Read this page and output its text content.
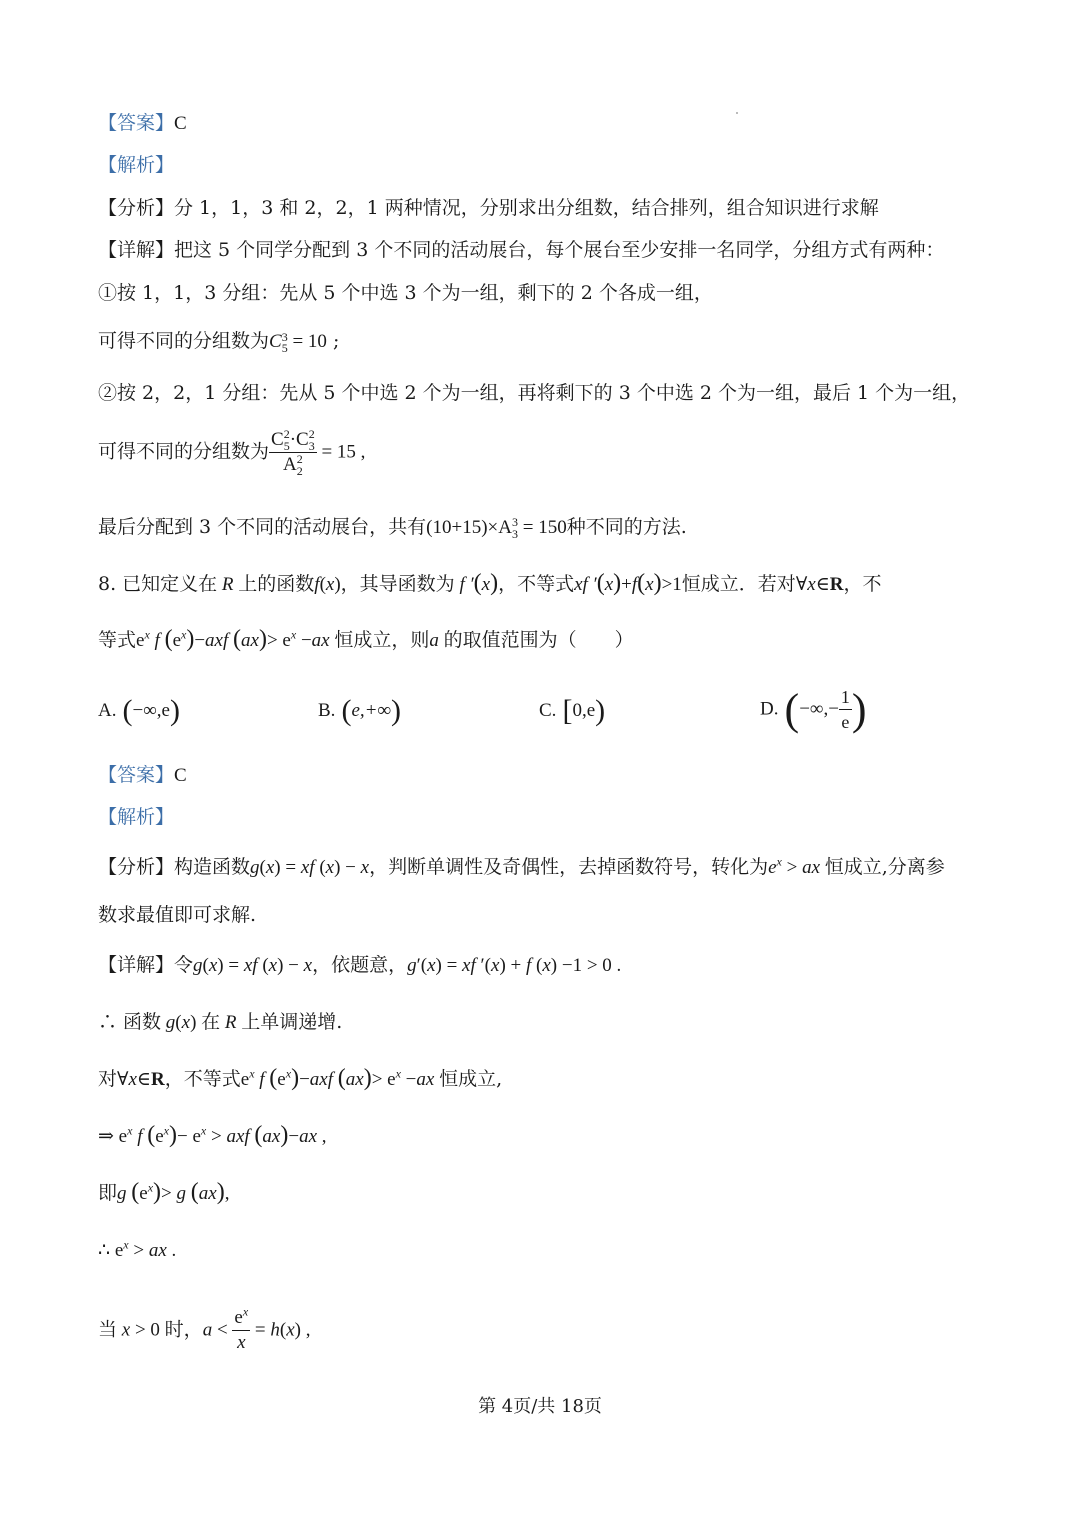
【答案】C
【解析】
【分析】分 1，1，3 和 2，2，1 两种情况，分别求出分组数，结合排列，组合知识进行求解
【详解】把这 5 个同学分配到 3 个不同的活动展台，每个展台至少安排一名同学，分组方式有两种：
①按 1，1，3 分组：先从 5 个中选 3 个为一组，剩下的 2 个各成一组，
可得不同的分组数为C 3
5 = 10 ;
②按 2，2，1 分组：先从 5 个中选 2 个为一组，再将剩下的 3 个中选 2 个为一组，最后 1 个为一组，
可得不同的分组数为 $\frac{C_5^2\cdot C_3^2}{A_2^2} = 15$ ,
最后分配到 3 个不同的活动展台，共有$(10+15)\times A_3^3 = 150$种不同的方法.
8. 已知定义在 R 上的函数f(x)，其导函数为 f ′(x)，不等式xf ′(x)+f(x)>1恒成立．若对∀x∈R，不
等式$e^x$ f $(e^x)-axf$ $(ax)> e^x -ax$ 恒成立，则a 的取值范围为（　　）
A. (−∞,e)	B. (e,+∞)	C. [0,e)	D. (−∞,− $\frac{1}{e}$ )
【答案】C
【解析】
【分析】构造函数g(x) = xf (x) − x，判断单调性及奇偶性，去掉函数符号，转化为$e^x$ > ax 恒成立,分离参
数求最值即可求解.
【详解】令g(x) = xf (x) − x，依题意，g′(x) = xf ′(x) + f (x) −1 > 0 .
∴ 函数 g(x) 在 R 上单调递增.
对∀x∈R，不等式$e^x$ f $(e^x)-axf$ $(ax)> e^x -ax$ 恒成立,
⇒ $e^x$ f $(e^x)- e^x$ > axf (ax)−ax ,
即g $(e^x)> g$ (ax),
∴ $e^x$ > ax .
当 x > 0 时，$a < \frac{e^x}{x} = h(x)$ ,
第 4页/共 18页
